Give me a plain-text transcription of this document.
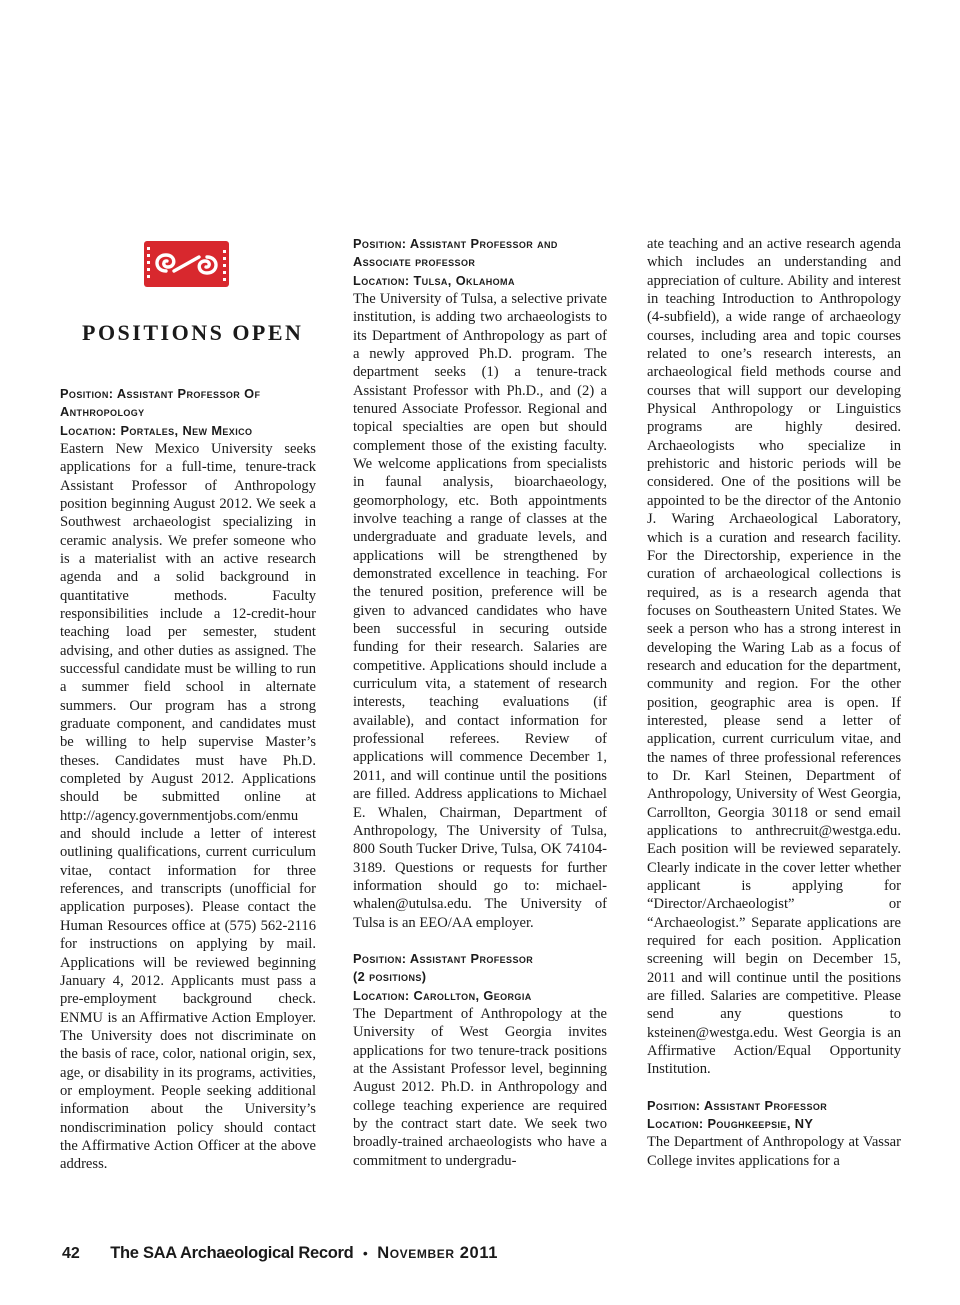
POSITIONS OPEN

Position: Assistant Professor Of Anthropology

Location: Portales, New Mexico

Eastern New Mexico University seeks applications for a full-time, tenure-track Assistant Professor of Anthropology position beginning August 2012. We seek a Southwest archaeologist specializing in ceramic analysis. We prefer someone who is a materialist with an active research agenda and a solid background in quantitative methods. Faculty responsibilities include a 12-credit-hour teaching load per semester, student advising, and other duties as assigned. The successful candidate must be willing to run a summer field school in alternate summers. Our program has a strong graduate component, and candidates must be willing to help supervise Master’s theses. Candidates must have Ph.D. completed by August 2012. Applications should be submitted online at http://agency.governmentjobs.com/enmu and should include a letter of interest outlining qualifications, current curriculum vitae, contact information for three references, and transcripts (unofficial for application purposes). Please contact the Human Resources office at (575) 562-2116 for instructions on applying by mail. Applications will be reviewed beginning January 4, 2012. Applicants must pass a pre-employment background check. ENMU is an Affirmative Action Employer. The University does not discriminate on the basis of race, color, national origin, sex, age, or disability in its programs, activities, or employment. People seeking additional information about the University’s nondiscrimination policy should contact the Affirmative Action Officer at the above address.

Position: Assistant Professor and Associate professor

Location: Tulsa, Oklahoma

The University of Tulsa, a selective private institution, is adding two archaeologists to its Department of Anthropology as part of a newly approved Ph.D. program. The department seeks (1) a tenure-track Assistant Professor with Ph.D., and (2) a tenured Associate Professor. Regional and topical specialties are open but should complement those of the existing faculty. We welcome applications from specialists in faunal analysis, bioarchaeology, geomorphology, etc. Both appointments involve teaching a range of classes at the undergraduate and graduate levels, and applications will be strengthened by demonstrated excellence in teaching. For the tenured position, preference will be given to advanced candidates who have been successful in securing outside funding for their research. Salaries are competitive. Applications should include a curriculum vita, a statement of research interests, teaching evaluations (if available), and contact information for professional referees. Review of applications will commence December 1, 2011, and will continue until the positions are filled. Address applications to Michael E. Whalen, Chairman, Department of Anthropology, The University of Tulsa, 800 South Tucker Drive, Tulsa, OK 74104-3189. Questions or requests for further information should go to: michael-whalen@utulsa.edu. The University of Tulsa is an EEO/AA employer.

Position: Assistant Professor

(2 positions)

Location: Carollton, Georgia

The Department of Anthropology at the University of West Georgia invites applications for two tenure-track positions at the Assistant Professor level, beginning August 2012. Ph.D. in Anthropology and college teaching experience are required by the contract start date. We seek two broadly-trained archaeologists who have a commitment to undergradu-

ate teaching and an active research agenda which includes an understanding and appreciation of culture. Ability and interest in teaching Introduction to Anthropology (4-subfield), a wide range of archaeology courses, including area and topic courses related to one’s research interests, an archaeological field methods course and courses that will support our developing Physical Anthropology or Linguistics programs are highly desired. Archaeologists who specialize in prehistoric and historic periods will be considered. One of the positions will be appointed to be the director of the Antonio J. Waring Archaeological Laboratory, which is a curation and research facility. For the Directorship, experience in the curation of archaeological collections is required, as is a research agenda that focuses on Southeastern United States. We seek a person who has a strong interest in developing the Waring Lab as a focus of research and education for the department, community and region. For the other position, geographic area is open. If interested, please send a letter of application, current curriculum vitae, and the names of three professional references to Dr. Karl Steinen, Department of Anthropology, University of West Georgia, Carrollton, Georgia 30118 or send email applications to anthrecruit@westga.edu. Each position will be reviewed separately. Clearly indicate in the cover letter whether applicant is applying for “Director/Archaeologist” or “Archaeologist.” Separate applications are required for each position. Application screening will begin on December 15, 2011 and will continue until the positions are filled. Salaries are competitive. Please send any questions to ksteinen@westga.edu. West Georgia is an Affirmative Action/Equal Opportunity Institution.

Position: Assistant Professor

Location: Poughkeepsie, NY

The Department of Anthropology at Vassar College invites applications for a

42 The SAA Archaeological Record • November 2011
